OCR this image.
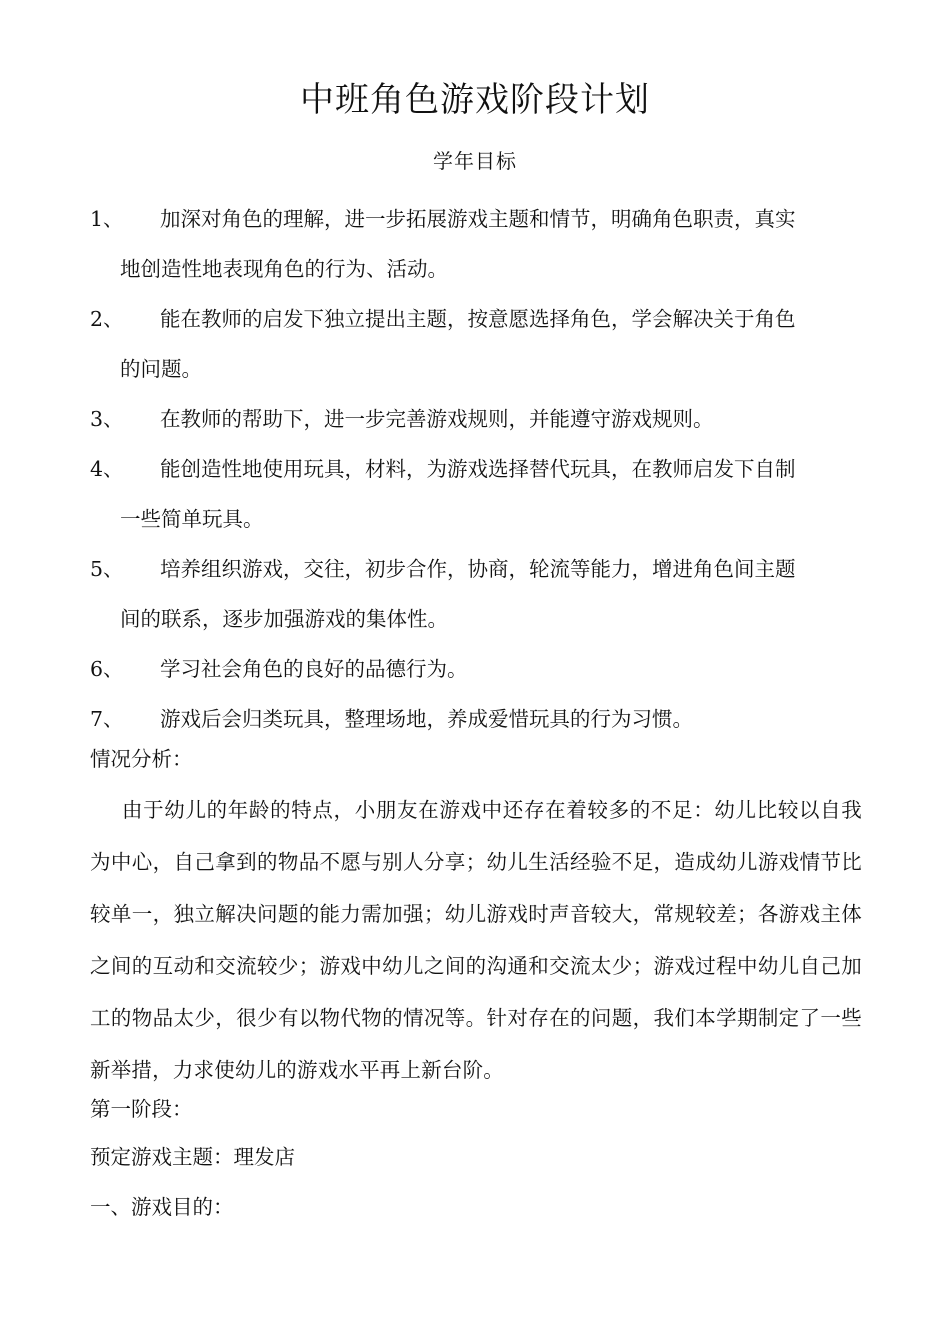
中班角色游戏阶段计划
学年目标
1、 加深对角色的理解，进一步拓展游戏主题和情节，明确角色职责，真实
地创造性地表现角色的行为、活动。
2、 能在教师的启发下独立提出主题，按意愿选择角色，学会解决关于角色
的问题。
3、 在教师的帮助下，进一步完善游戏规则，并能遵守游戏规则。
4、 能创造性地使用玩具，材料，为游戏选择替代玩具，在教师启发下自制
一些简单玩具。
5、 培养组织游戏，交往，初步合作，协商，轮流等能力，增进角色间主题
间的联系，逐步加强游戏的集体性。
6、 学习社会角色的良好的品德行为。
7、 游戏后会归类玩具，整理场地，养成爱惜玩具的行为习惯。
情况分析：
由于幼儿的年龄的特点，小朋友在游戏中还存在着较多的不足：幼儿比较以自我为中心，自己拿到的物品不愿与别人分享；幼儿生活经验不足，造成幼儿游戏情节比较单一，独立解决问题的能力需加强；幼儿游戏时声音较大，常规较差；各游戏主体之间的互动和交流较少；游戏中幼儿之间的沟通和交流太少；游戏过程中幼儿自己加工的物品太少，很少有以物代物的情况等。针对存在的问题，我们本学期制定了一些新举措，力求使幼儿的游戏水平再上新台阶。
第一阶段：
预定游戏主题：理发店
一、游戏目的：
